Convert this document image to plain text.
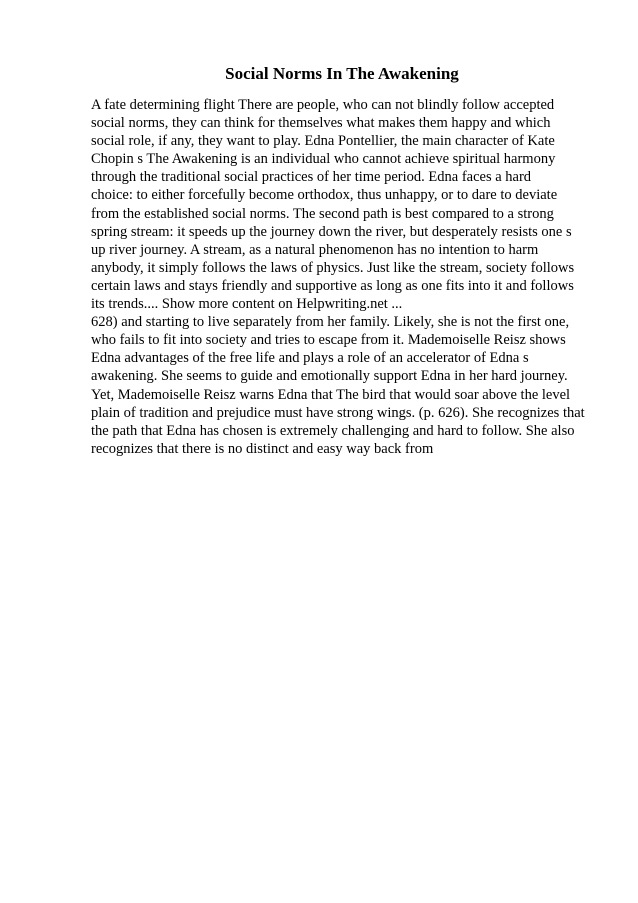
Social Norms In The Awakening
A fate determining flight There are people, who can not blindly follow accepted
social norms, they can think for themselves what makes them happy and which
social role, if any, they want to play. Edna Pontellier, the main character of Kate
Chopin s The Awakening is an individual who cannot achieve spiritual harmony
through the traditional social practices of her time period. Edna faces a hard
choice: to either forcefully become orthodox, thus unhappy, or to dare to deviate
from the established social norms. The second path is best compared to a strong
spring stream: it speeds up the journey down the river, but desperately resists one s
up river journey. A stream, as a natural phenomenon has no intention to harm
anybody, it simply follows the laws of physics. Just like the stream, society follows
certain laws and stays friendly and supportive as long as one fits into it and follows
its trends.... Show more content on Helpwriting.net ...
628) and starting to live separately from her family. Likely, she is not the first one,
who fails to fit into society and tries to escape from it. Mademoiselle Reisz shows
Edna advantages of the free life and plays a role of an accelerator of Edna s
awakening. She seems to guide and emotionally support Edna in her hard journey.
Yet, Mademoiselle Reisz warns Edna that The bird that would soar above the level
plain of tradition and prejudice must have strong wings. (p. 626). She recognizes that
the path that Edna has chosen is extremely challenging and hard to follow. She also
recognizes that there is no distinct and easy way back from
